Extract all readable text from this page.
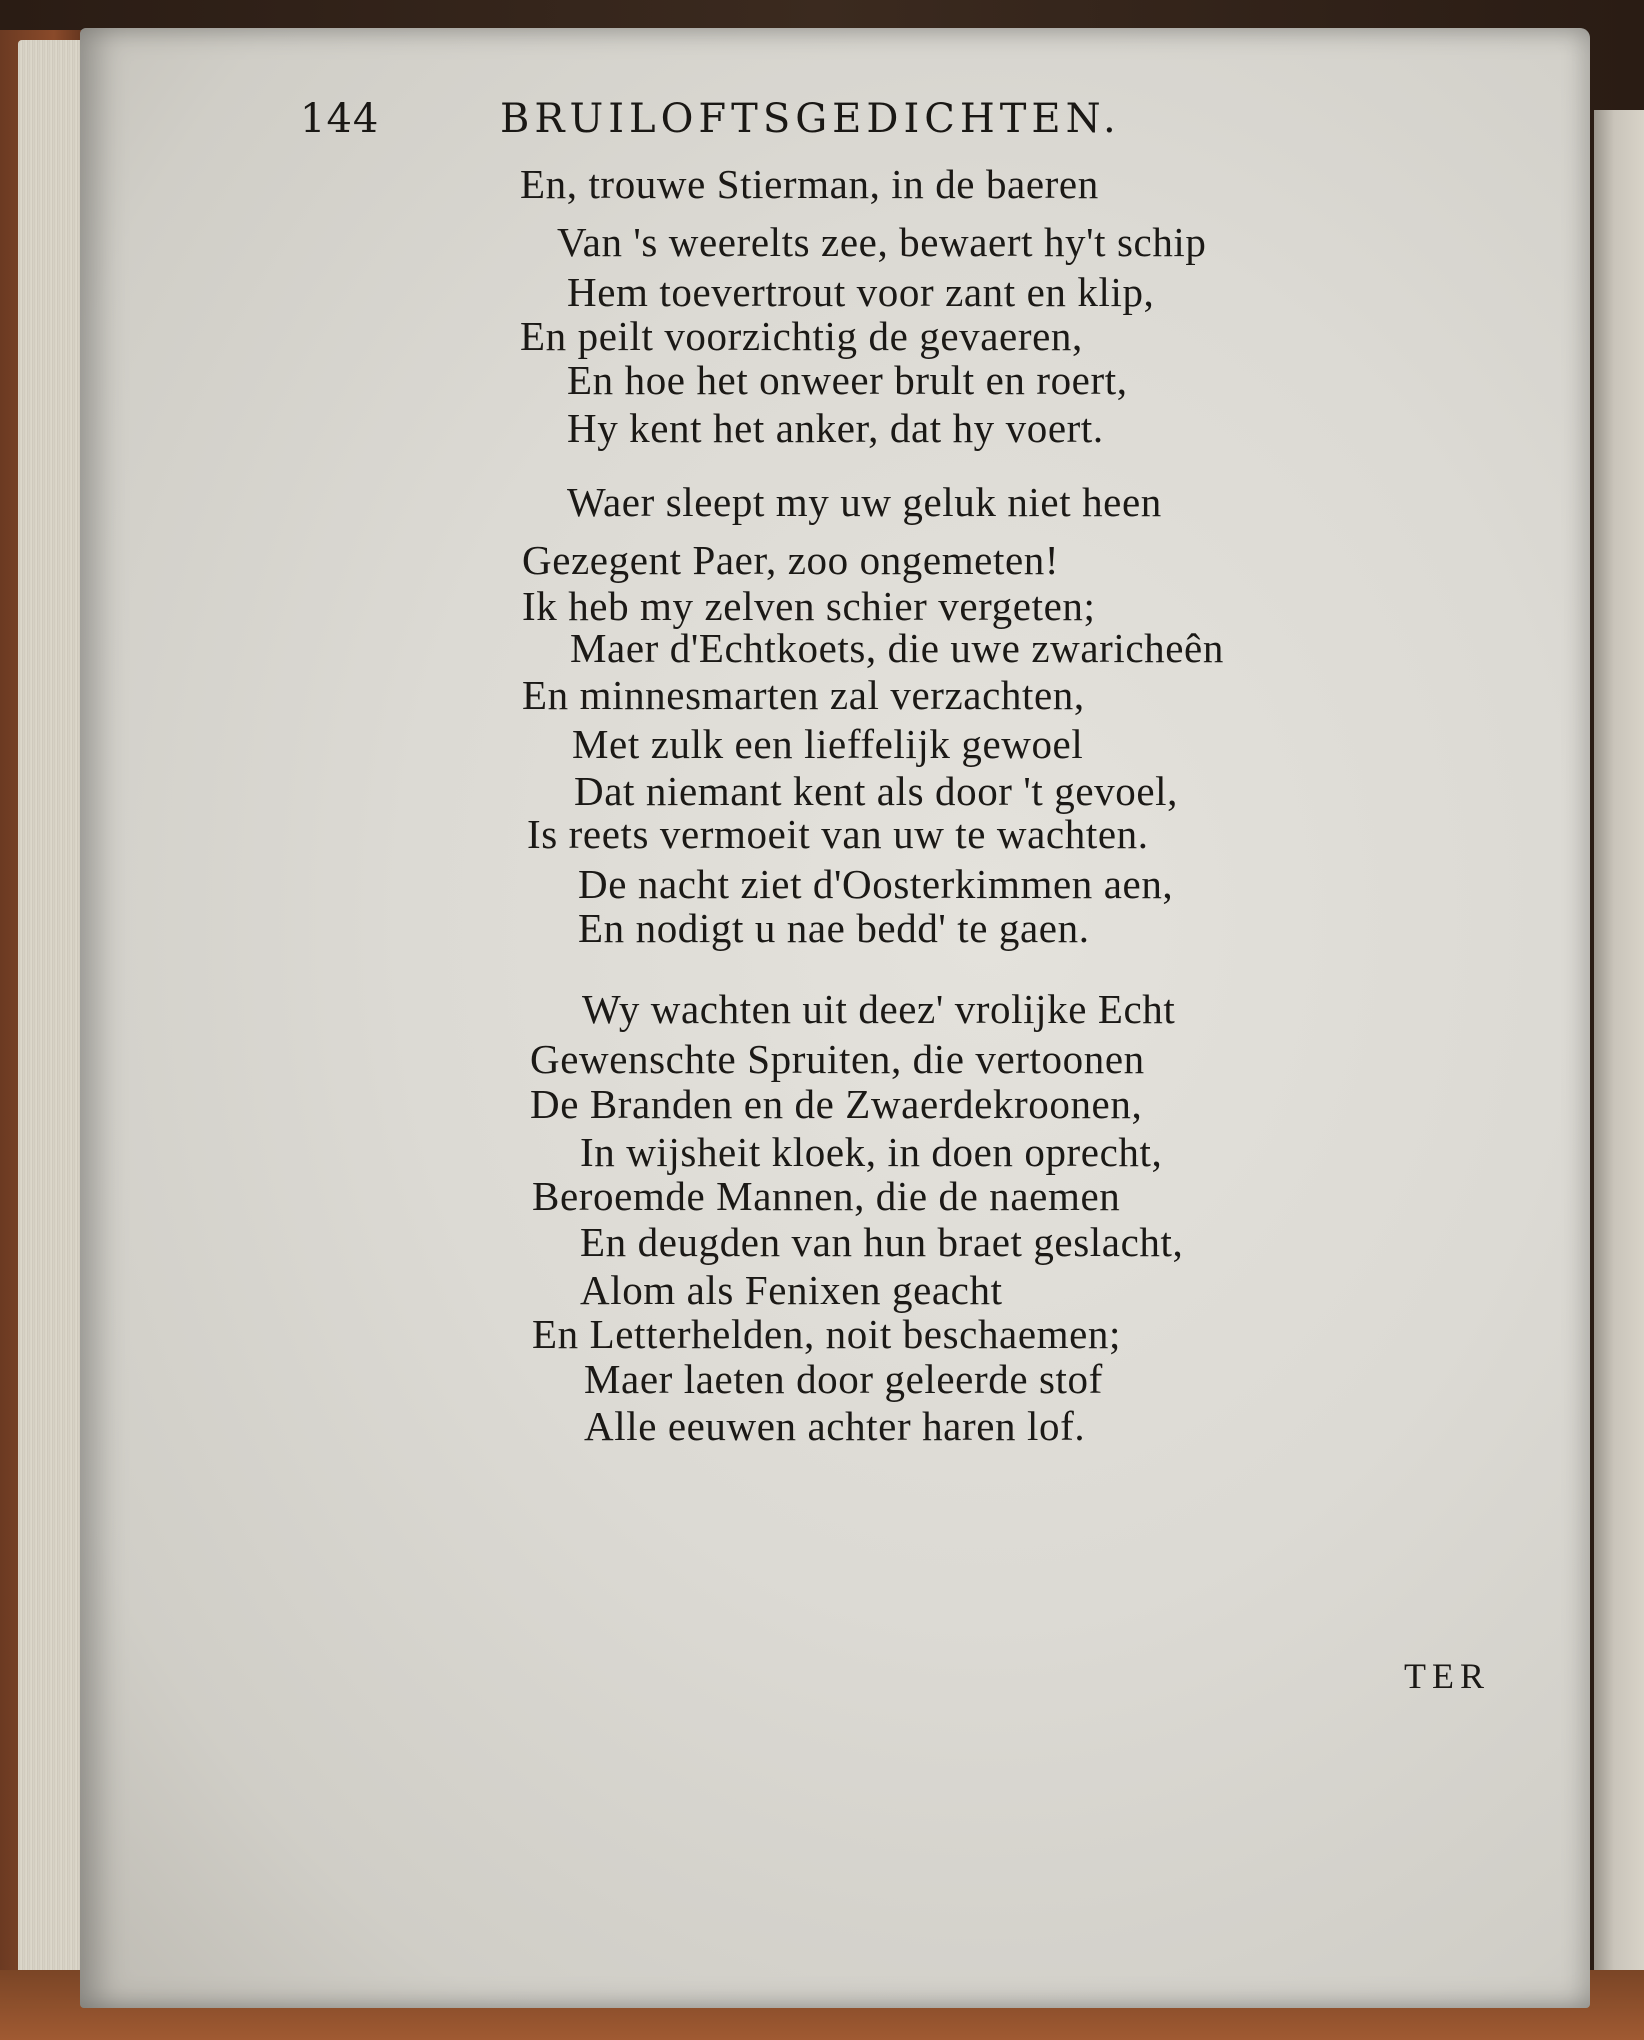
144	BRUILOFTSGEDICHTEN.
En, trouwe Stierman, in de baeren
Van 's weerelts zee, bewaert hy't schip
Hem toevertrout voor zant en klip,
En peilt voorzichtig de gevaeren,
En hoe het onweer brult en roert,
Hy kent het anker, dat hy voert.
Waer sleept my uw geluk niet heen
Gezegent Paer, zoo ongemeten!
Ik heb my zelven schier vergeten;
Maer d'Echtkoets, die uwe zwaricheên
En minnesmarten zal verzachten,
Met zulk een lieffelijk gewoel
Dat niemant kent als door 't gevoel,
Is reets vermoeit van uw te wachten.
De nacht ziet d'Oosterkimmen aen,
En nodigt u nae bedd' te gaen.
Wy wachten uit deez' vrolijke Echt
Gewenschte Spruiten, die vertoonen
De Branden en de Zwaerdekroonen,
In wijsheit kloek, in doen oprecht,
Beroemde Mannen, die de naemen
En deugden van hun braet geslacht,
Alom als Fenixen geacht
En Letterhelden, noit beschaemen;
Maer laeten door geleerde stof
Alle eeuwen achter haren lof.
TER
